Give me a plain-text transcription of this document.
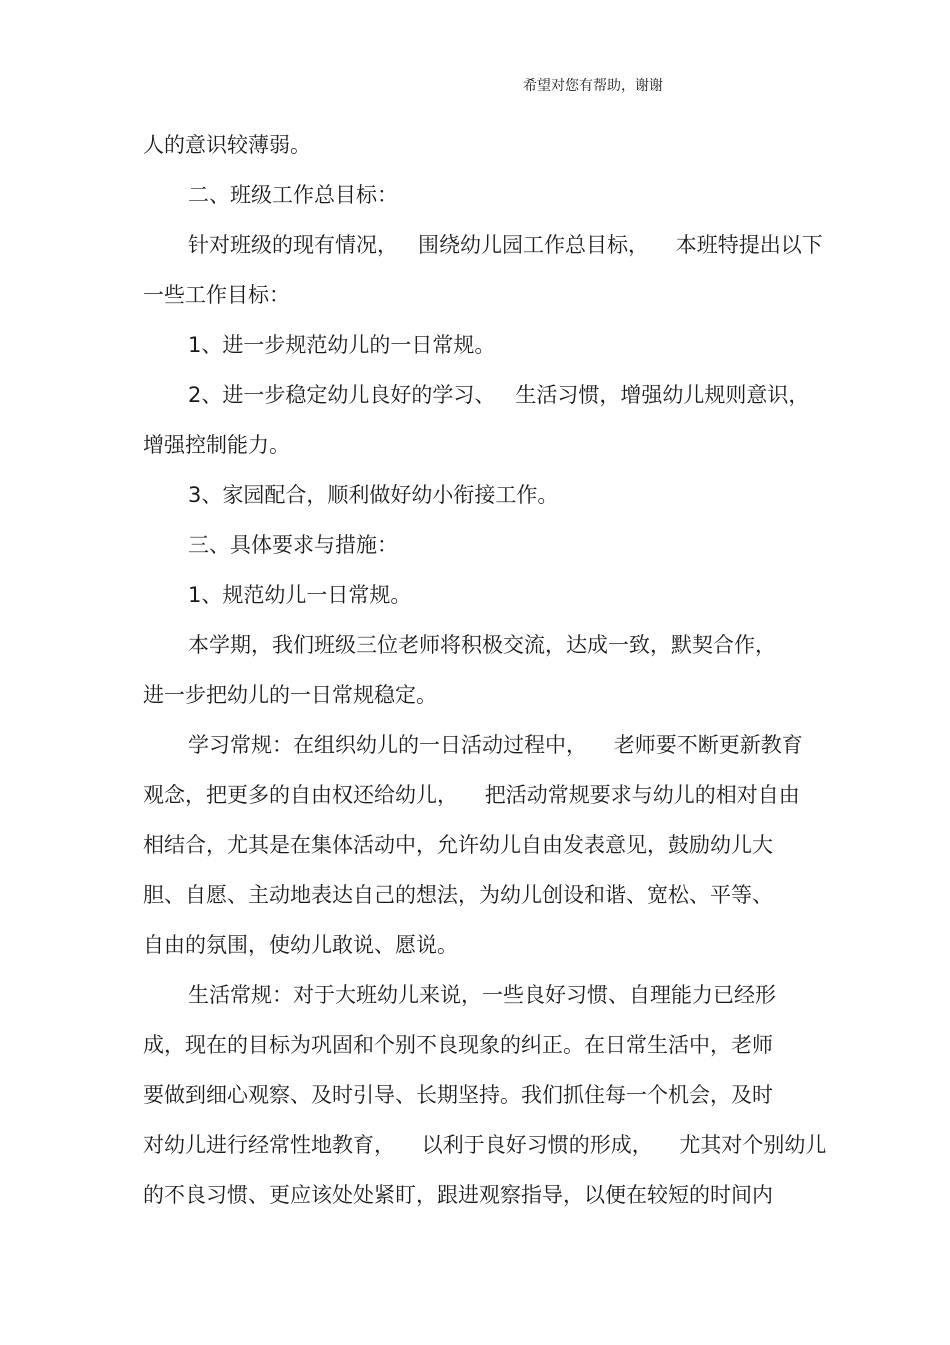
希望对您有帮助，谢谢
人的意识较薄弱。
二、班级工作总目标：
针对班级的现有情况，   围绕幼儿园工作总目标，    本班特提出以下
一些工作目标：
1、进一步规范幼儿的一日常规。
2、进一步稳定幼儿良好的学习、   生活习惯，增强幼儿规则意识，
增强控制能力。
3、家园配合，顺利做好幼小衔接工作。
三、具体要求与措施：
1、规范幼儿一日常规。
本学期，我们班级三位老师将积极交流，达成一致，默契合作，
进一步把幼儿的一日常规稳定。
学习常规：在组织幼儿的一日活动过程中，    老师要不断更新教育
观念，把更多的自由权还给幼儿，    把活动常规要求与幼儿的相对自由
相结合，尤其是在集体活动中，允许幼儿自由发表意见，鼓励幼儿大
胆、自愿、主动地表达自己的想法，为幼儿创设和谐、宽松、平等、
自由的氛围，使幼儿敢说、愿说。
生活常规：对于大班幼儿来说，一些良好习惯、自理能力已经形
成，现在的目标为巩固和个别不良现象的纠正。在日常生活中，老师
要做到细心观察、及时引导、长期坚持。我们抓住每一个机会，及时
对幼儿进行经常性地教育，    以利于良好习惯的形成，    尤其对个别幼儿
的不良习惯、更应该处处紧盯，跟进观察指导，以便在较短的时间内
